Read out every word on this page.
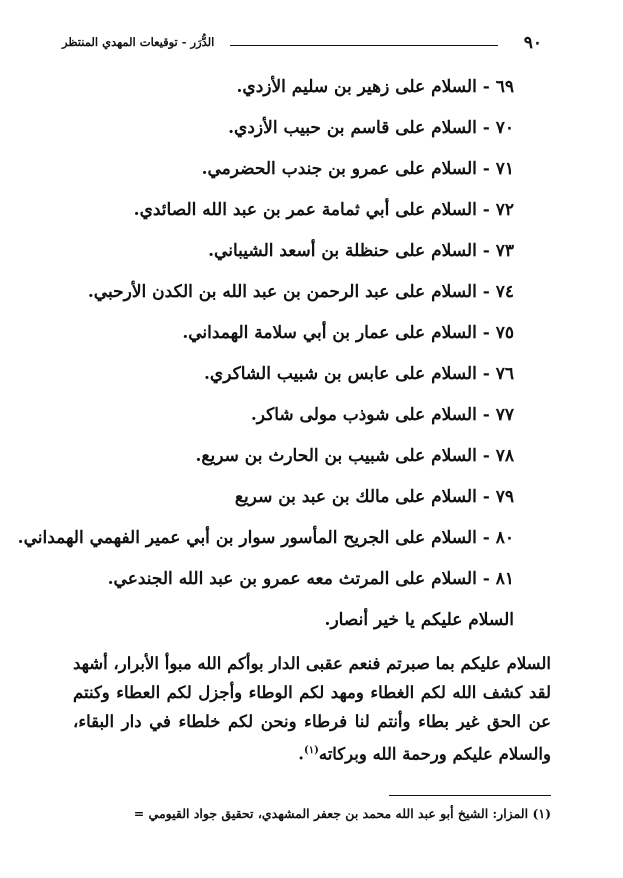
٩٠
الدُّرَر - توقيعات المهدي المنتظر
٦٩ - السلام على زهير بن سليم الأزدي.
٧٠ - السلام على قاسم بن حبيب الأزدي.
٧١ - السلام على عمرو بن جندب الحضرمي.
٧٢ - السلام على أبي ثمامة عمر بن عبد الله الصائدي.
٧٣ - السلام على حنظلة بن أسعد الشيباني.
٧٤ - السلام على عبد الرحمن بن عبد الله بن الكدن الأرحبي.
٧٥ - السلام على عمار بن أبي سلامة الهمداني.
٧٦ - السلام على عابس بن شبيب الشاكري.
٧٧ - السلام على شوذب مولى شاكر.
٧٨ - السلام على شبيب بن الحارث بن سريع.
٧٩ - السلام على مالك بن عبد بن سريع
٨٠ - السلام على الجريح المأسور سوار بن أبي عمير الفهمي الهمداني.
٨١ - السلام على المرتث معه عمرو بن عبد الله الجندعي.
السلام عليكم يا خير أنصار.
السلام عليكم بما صبرتم فنعم عقبى الدار بوأكم الله مبوأ الأبرار، أشهد لقد كشف الله لكم الغطاء ومهد لكم الوطاء وأجزل لكم العطاء وكنتم عن الحق غير بطاء وأنتم لنا فرطاء ونحن لكم خلطاء في دار البقاء، والسلام عليكم ورحمة الله وبركاته$^{(١)}$.
(١) المزار: الشيخ أبو عبد الله محمد بن جعفر المشهدي، تحقيق جواد القيومي =
